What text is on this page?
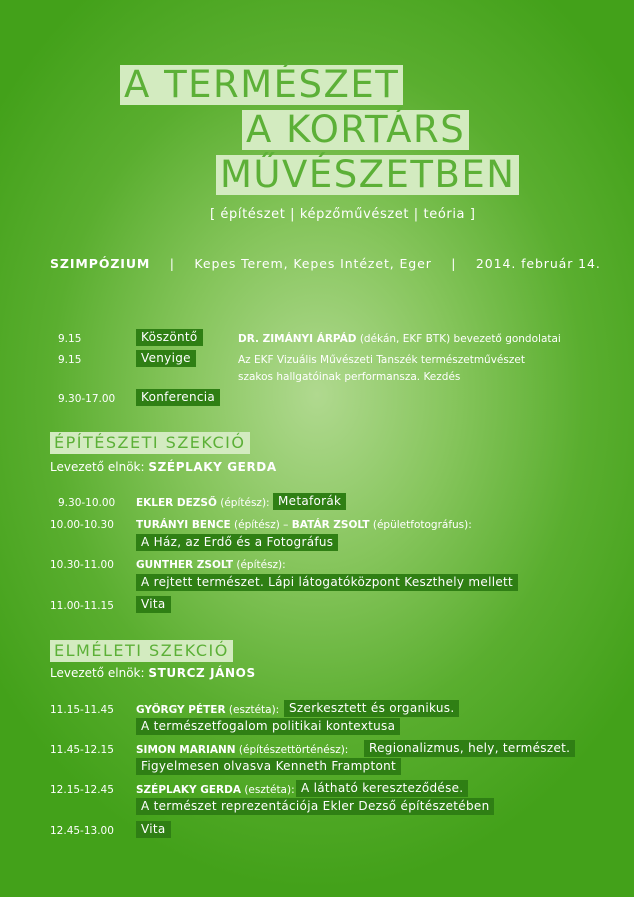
A TERMÉSZET
A KORTÁRS
MŰVÉSZETBEN
[ építészet | képzőművészet | teória ]
SZIMPÓZIUM | Kepes Terem, Kepes Intézet, Eger | 2014. február 14.
9.15	Köszöntő	DR. ZIMÁNYI ÁRPÁD (dékán, EKF BTK) bevezető gondolatai
9.15	Venyige	Az EKF Vizuális Művészeti Tanszék természetművészet
szakos hallgatóinak performansza. Kezdés
9.30-17.00	Konferencia
ÉPÍTÉSZETI SZEKCIÓ
Levezető elnök: SZÉPLAKY GERDA
9.30-10.00 EKLER DEZSŐ (építész): Metaforák
10.00-10.30 TURÁNYI BENCE (építész) – BATÁR ZSOLT (épületfotográfus):
A Ház, az Erdő és a Fotográfus
10.30-11.00 GUNTHER ZSOLT (építész):
A rejtett természet. Lápi látogatóközpont Keszthely mellett
11.00-11.15	Vita
ELMÉLETI SZEKCIÓ
Levezető elnök: STURCZ JÁNOS
11.15-11.45 GYÖRGY PÉTER (esztéta): Szerkesztett és organikus.
A természetfogalom politikai kontextusa
11.45-12.15 SIMON MARIANN (építészettörténész):	Regionalizmus, hely, természet.
Figyelmesen olvasva Kenneth Framptont
12.15-12.45 SZÉPLAKY GERDA (esztéta): A látható kereszteződése.
A természet reprezentációja Ekler Dezső építészetében
12.45-13.00	Vita
